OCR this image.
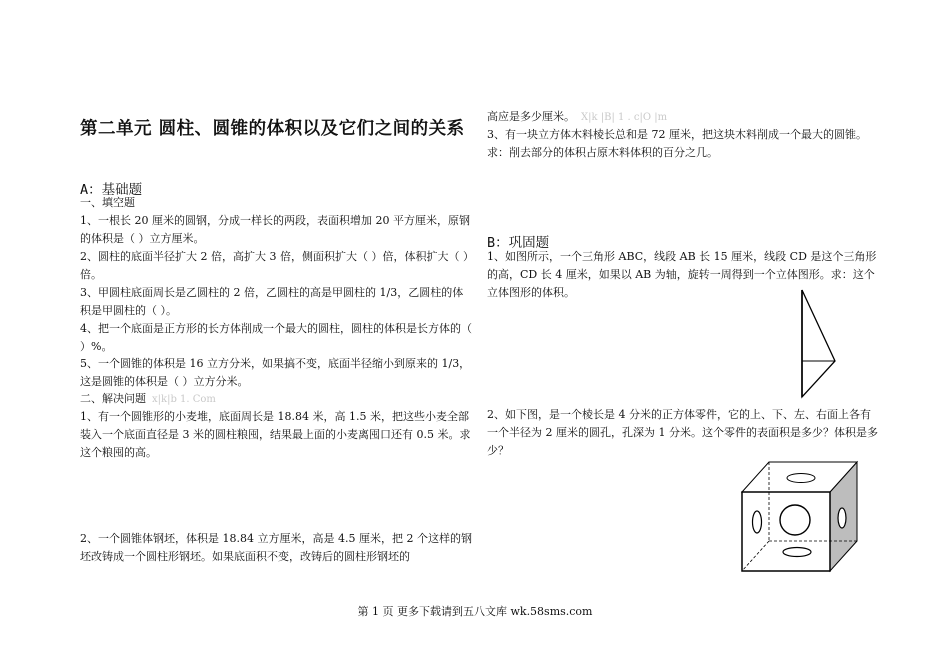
第二单元 圆柱、圆锥的体积以及它们之间的关系
A：基础题
一、填空题
1、一根长 20 厘米的圆钢，分成一样长的两段，表面积增加 20 平方厘米，原钢的体积是（ ）立方厘米。
2、圆柱的底面半径扩大 2 倍，高扩大 3 倍，侧面积扩大（ ）倍，体积扩大（ ）倍。
3、甲圆柱底面周长是乙圆柱的 2 倍，乙圆柱的高是甲圆柱的 1/3，乙圆柱的体积是甲圆柱的（ ）。
4、把一个底面是正方形的长方体削成一个最大的圆柱，圆柱的体积是长方体的（ ）%。
5、一个圆锥的体积是 16 立方分米，如果搞不变，底面半径缩小到原来的 1/3，这是圆锥的体积是（ ）立方分米。
二、解决问题 x|k|b 1. Com
1、有一个圆锥形的小麦堆，底面周长是 18.84 米，高 1.5 米，把这些小麦全部装入一个底面直径是 3 米的圆柱粮囤，结果最上面的小麦离囤口还有 0.5 米。求这个粮囤的高。
2、一个圆锥体钢坯，体积是 18.84 立方厘米，高是 4.5 厘米，把 2 个这样的钢坯改铸成一个圆柱形钢坯。如果底面积不变，改铸后的圆柱形钢坯的
高应是多少厘米。 X|k |B| 1 . c|O |m
3、有一块立方体木料棱长总和是 72 厘米，把这块木料削成一个最大的圆锥。求：削去部分的体积占原木料体积的百分之几。
B：巩固题
1、如图所示，一个三角形 ABC，线段 AB 长 15 厘米，线段 CD 是这个三角形的高，CD 长 4 厘米，如果以 AB 为轴，旋转一周得到一个立体图形。求：这个立体图形的体积。
2、如下图，是一个棱长是 4 分米的正方体零件，它的上、下、左、右面上各有一个半径为 2 厘米的圆孔，孔深为 1 分米。这个零件的表面积是多少？体积是多少？
第 1 页 更多下载请到五八文库 wk.58sms.com
